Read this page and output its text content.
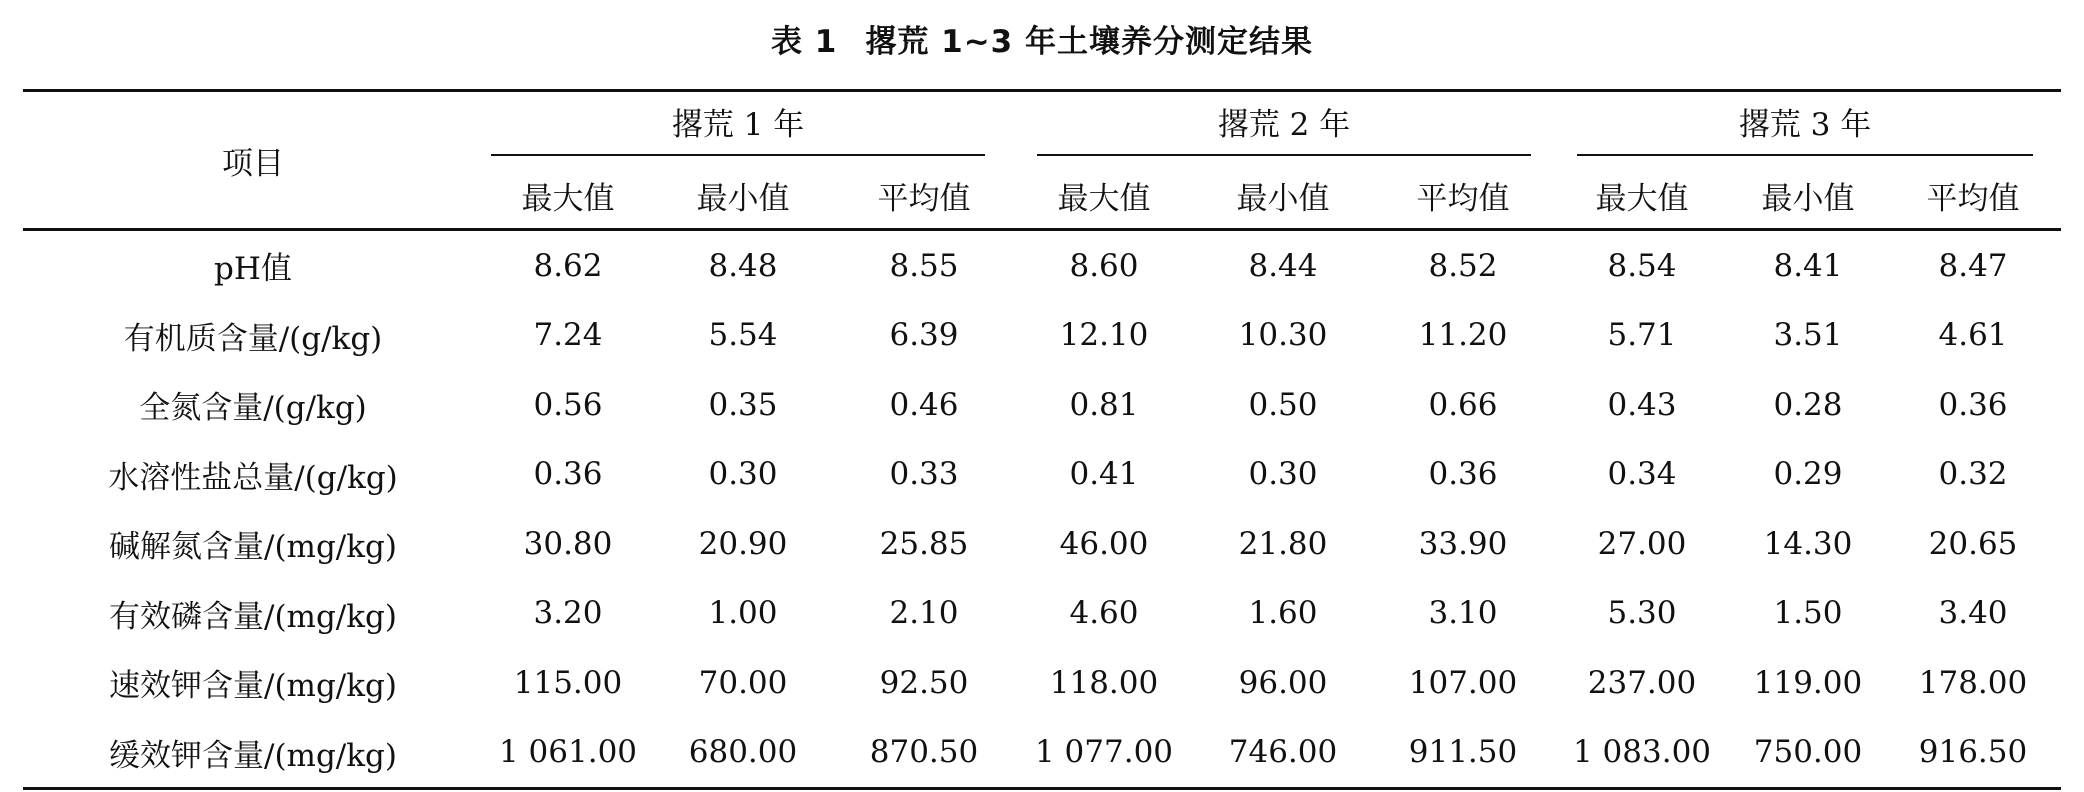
表 1 撂荒 1~3 年土壤养分测定结果
项目	撂荒 1 年			撂荒 2 年			撂荒 3 年		

	最大值	最小值	平均值	最大值	最小值	平均值	最大值	最小值	平均值
pH值	8.62	8.48	8.55	8.60	8.44	8.52	8.54	8.41	8.47
有机质含量/(g/kg)	7.24	5.54	6.39	12.10	10.30	11.20	5.71	3.51	4.61
全氮含量/(g/kg)	0.56	0.35	0.46	0.81	0.50	0.66	0.43	0.28	0.36
水溶性盐总量/(g/kg)	0.36	0.30	0.33	0.41	0.30	0.36	0.34	0.29	0.32
碱解氮含量/(mg/kg)	30.80	20.90	25.85	46.00	21.80	33.90	27.00	14.30	20.65
有效磷含量/(mg/kg)	3.20	1.00	2.10	4.60	1.60	3.10	5.30	1.50	3.40
速效钾含量/(mg/kg)	115.00	70.00	92.50	118.00	96.00	107.00	237.00	119.00	178.00
缓效钾含量/(mg/kg)	1 061.00	680.00	870.50	1 077.00	746.00	911.50	1 083.00	750.00	916.50
